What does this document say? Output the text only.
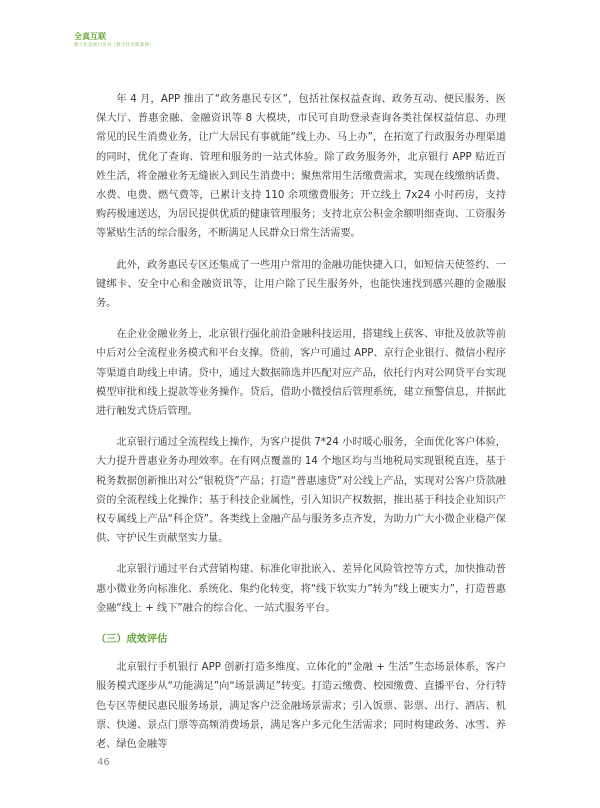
全真互联
数字化发展白皮书（数字化实践案例）

年 4 月，APP 推出了“政务惠民专区”，包括社保权益查询、政务互动、便民服务、医保大厅、普惠金融、金融资讯等 8 大模块，市民可自助登录查询各类社保权益信息、办理常见的民生消费业务，让广大居民有事就能“线上办、马上办”，在拓宽了行政服务办理渠道的同时，优化了查询、管理和服务的一站式体验。除了政务服务外，北京银行 APP 贴近百姓生活，将金融业务无缝嵌入到民生消费中；聚焦常用生活缴费需求，实现在线缴纳话费、水费、电费、燃气费等，已累计支持 110 余项缴费服务；开立线上 7x24 小时药房，支持购药极速送达，为居民提供优质的健康管理服务；支持北京公积金余额明细查询、工资服务等紧贴生活的综合服务，不断满足人民群众日常生活需要。

此外，政务惠民专区还集成了一些用户常用的金融功能快捷入口，如短信天使签约、一键绑卡、安全中心和金融资讯等，让用户除了民生服务外，也能快速找到感兴趣的金融服务。

在企业金融业务上，北京银行强化前沿金融科技运用，搭建线上获客、审批及放款等前中后对公全流程业务模式和平台支撑。贷前，客户可通过 APP、京行企业银行、微信小程序等渠道自助线上申请。贷中，通过大数据筛选并匹配对应产品，依托行内对公网贷平台实现模型审批和线上提款等业务操作。贷后，借助小微授信后管理系统，建立预警信息，并据此进行触发式贷后管理。

北京银行通过全流程线上操作，为客户提供 7*24 小时暖心服务，全面优化客户体验，大力提升普惠业务办理效率。在有网点覆盖的 14 个地区均与当地税局实现银税直连，基于税务数据创新推出对公“银税贷”产品；打造“普惠速贷”对公线上产品，实现对公客户贷款融资的全流程线上化操作；基于科技企业属性，引入知识产权数据，推出基于科技企业知识产权专属线上产品“科企贷”。各类线上金融产品与服务多点齐发，为助力广大小微企业稳产保供、守护民生贡献坚实力量。

北京银行通过平台式营销构建、标准化审批嵌入、差异化风险管控等方式，加快推动普惠小微业务向标准化、系统化、集约化转变，将“线下软实力”转为“线上硬实力”，打造普惠金融“线上 + 线下”融合的综合化、一站式服务平台。

（三）成效评估

北京银行手机银行 APP 创新打造多维度、立体化的“金融 + 生活”生态场景体系，客户服务模式逐步从“功能满足”向“场景满足”转变。打造云缴费、校园缴费、直播平台、分行特色专区等便民惠民服务场景，满足客户泛金融场景需求；引入饭票、影票、出行、酒店、机票、快递、景点门票等高频消费场景，满足客户多元化生活需求；同时构建政务、冰雪、养老、绿色金融等

46
